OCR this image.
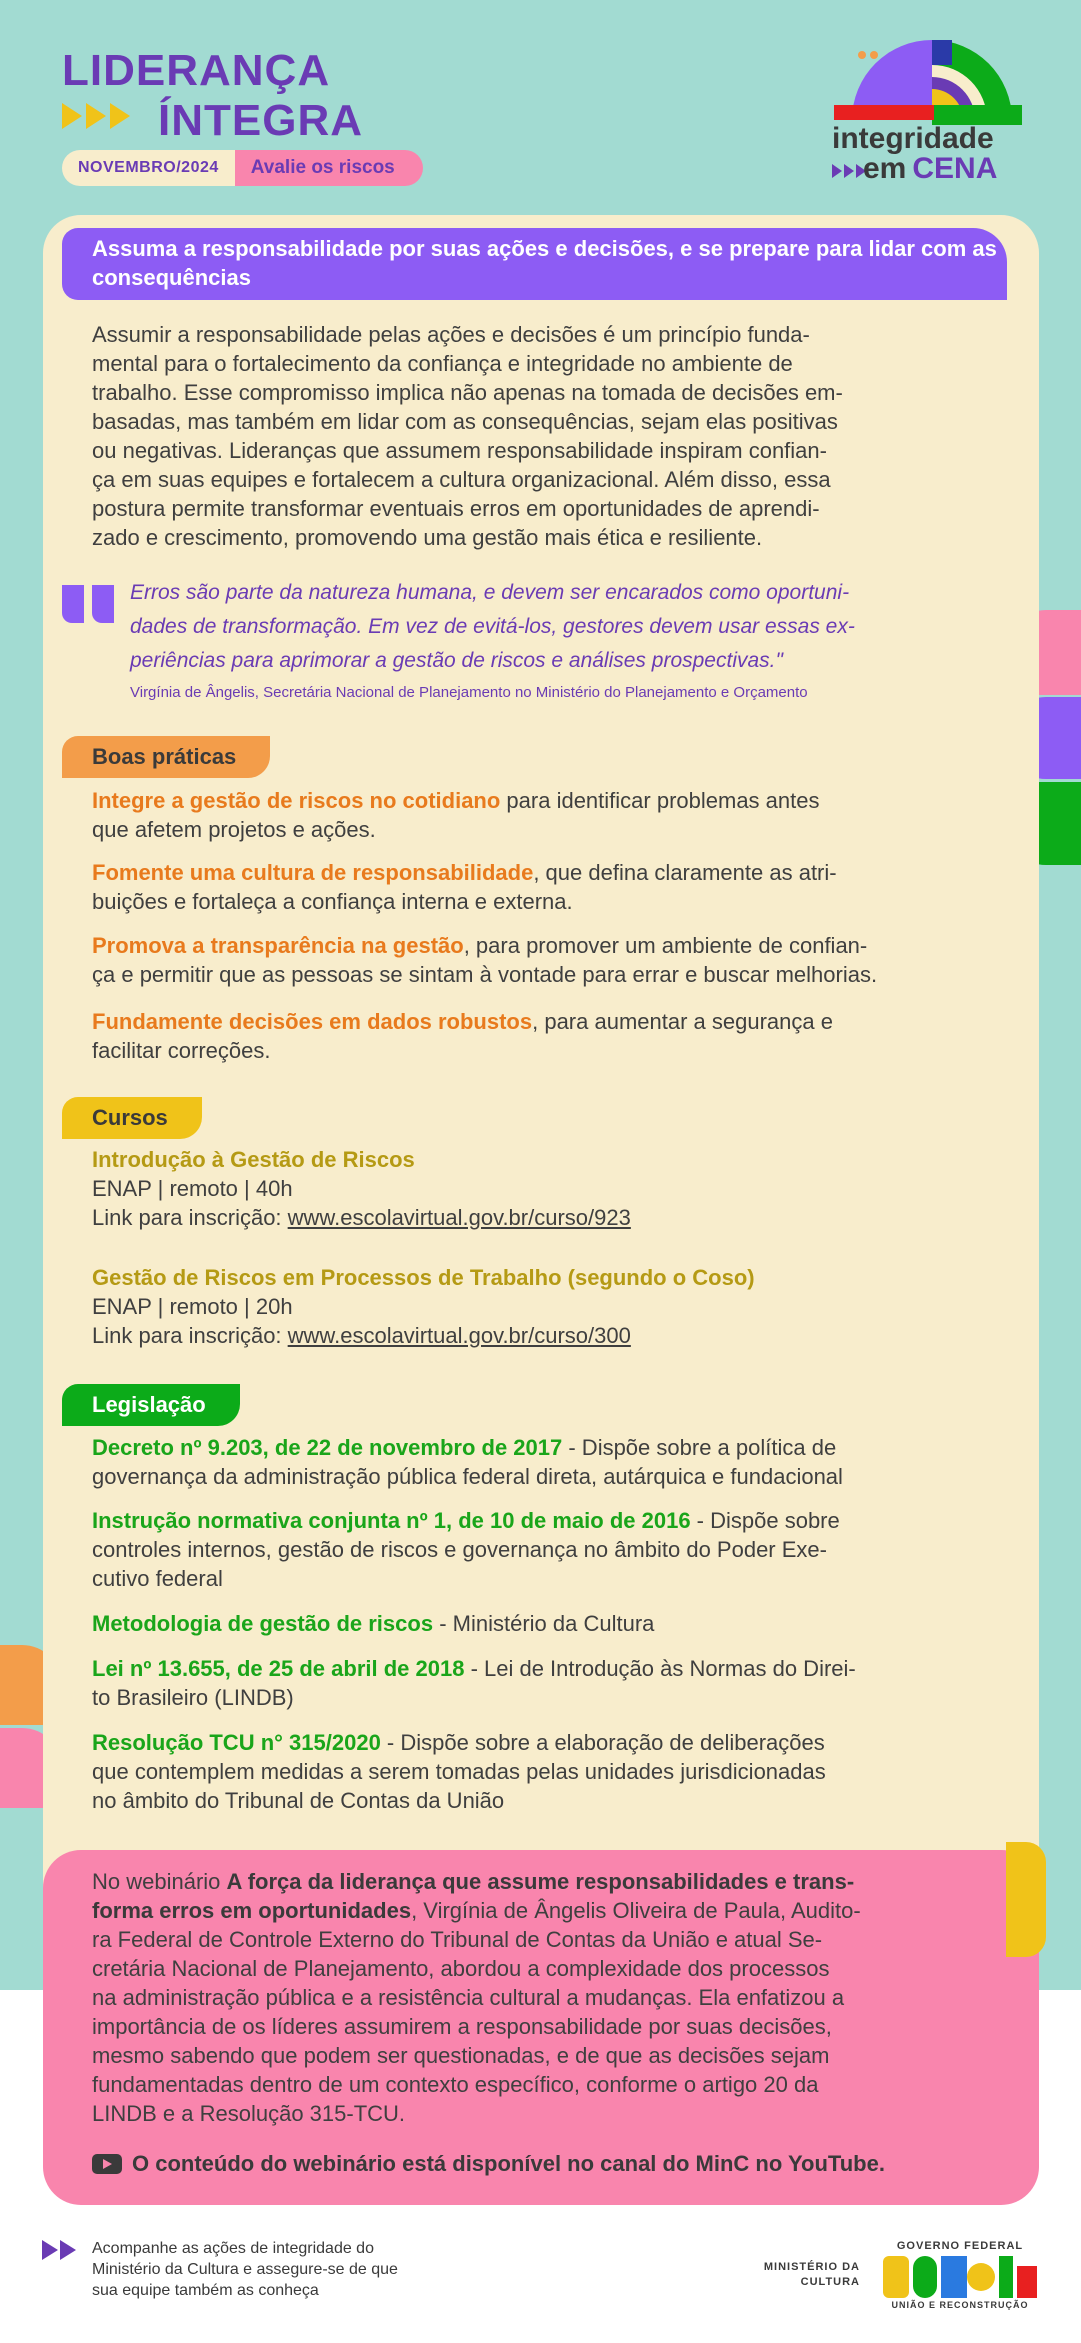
LIDERANÇA
ÍNTEGRA
NOVEMBRO/2024	Avalie os riscos
integridade
em CENA
Assuma a responsabilidade por suas ações e decisões, e se prepare para lidar com as consequências

Assumir a responsabilidade pelas ações e decisões é um princípio funda-
mental para o fortalecimento da confiança e integridade no ambiente de
trabalho. Esse compromisso implica não apenas na tomada de decisões em-
basadas, mas também em lidar com as consequências, sejam elas positivas
ou negativas. Lideranças que assumem responsabilidade inspiram confian-
ça em suas equipes e fortalecem a cultura organizacional. Além disso, essa
postura permite transformar eventuais erros em oportunidades de aprendi-
zado e crescimento, promovendo uma gestão mais ética e resiliente.

Erros são parte da natureza humana, e devem ser encarados como oportuni-
dades de transformação. Em vez de evitá-los, gestores devem usar essas ex-
periências para aprimorar a gestão de riscos e análises prospectivas."

Virgínia de Ângelis, Secretária Nacional de Planejamento no Ministério do Planejamento e Orçamento
Boas práticas

Integre a gestão de riscos no cotidiano para identificar problemas antes
que afetem projetos e ações.

Fomente uma cultura de responsabilidade, que defina claramente as atri-
buições e fortaleça a confiança interna e externa.

Promova a transparência na gestão, para promover um ambiente de confian-
ça e permitir que as pessoas se sintam à vontade para errar e buscar melhorias.

Fundamente decisões em dados robustos, para aumentar a segurança e
facilitar correções.

Cursos

Introdução à Gestão de Riscos
ENAP | remoto | 40h
Link para inscrição: www.escolavirtual.gov.br/curso/923

Gestão de Riscos em Processos de Trabalho (segundo o Coso)
ENAP | remoto | 20h
Link para inscrição: www.escolavirtual.gov.br/curso/300

Legislação

Decreto nº 9.203, de 22 de novembro de 2017 - Dispõe sobre a política de
governança da administração pública federal direta, autárquica e fundacional

Instrução normativa conjunta nº 1, de 10 de maio de 2016 - Dispõe sobre
controles internos, gestão de riscos e governança no âmbito do Poder Exe-
cutivo federal

Metodologia de gestão de riscos - Ministério da Cultura

Lei nº 13.655, de 25 de abril de 2018 - Lei de Introdução às Normas do Direi-
to Brasileiro (LINDB)

Resolução TCU n° 315/2020 - Dispõe sobre a elaboração de deliberações
que contemplem medidas a serem tomadas pelas unidades jurisdicionadas
no âmbito do Tribunal de Contas da União

No webinário A força da liderança que assume responsabilidades e trans-
forma erros em oportunidades, Virgínia de Ângelis Oliveira de Paula, Audito-
ra Federal de Controle Externo do Tribunal de Contas da União e atual Se-
cretária Nacional de Planejamento, abordou a complexidade dos processos
na administração pública e a resistência cultural a mudanças. Ela enfatizou a
importância de os líderes assumirem a responsabilidade por suas decisões,
mesmo sabendo que podem ser questionadas, e de que as decisões sejam
fundamentadas dentro de um contexto específico, conforme o artigo 20 da
LINDB e a Resolução 315-TCU.

O conteúdo do webinário está disponível no canal do MinC no YouTube.
Acompanhe as ações de integridade do
Ministério da Cultura e assegure-se de que
sua equipe também as conheça
MINISTÉRIO DA
CULTURA
GOVERNO FEDERAL
UNIÃO E RECONSTRUÇÃO
